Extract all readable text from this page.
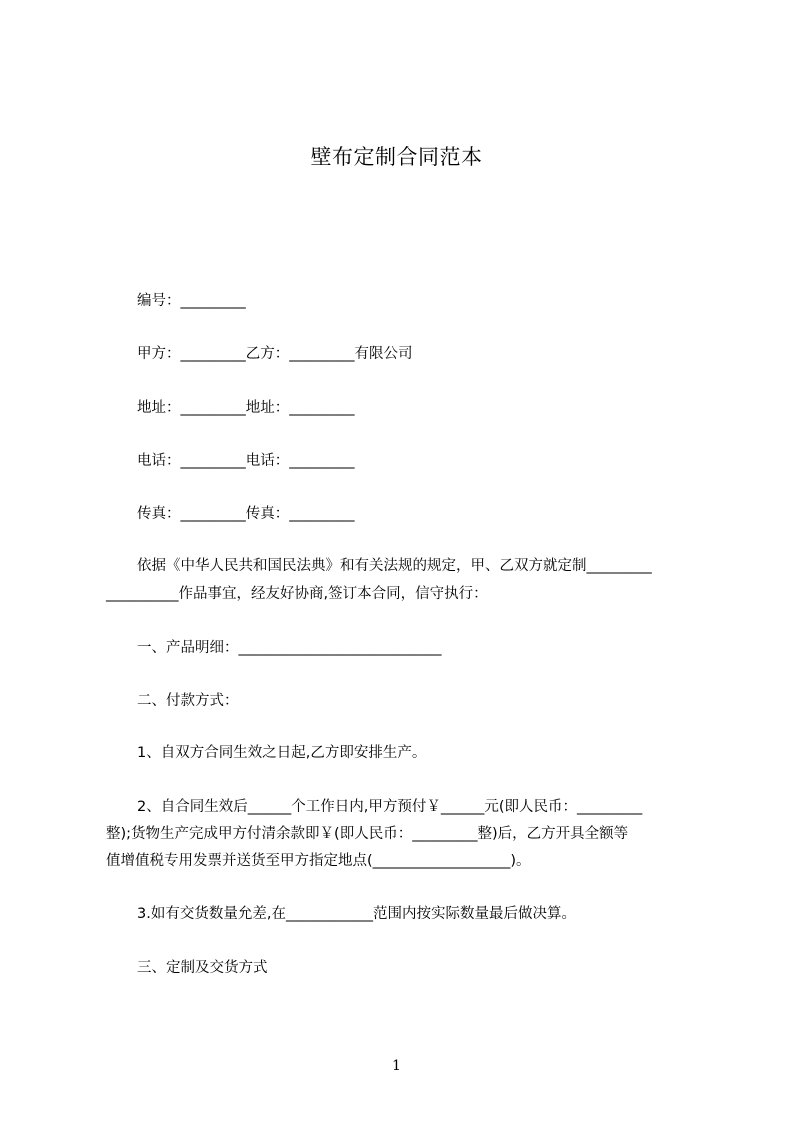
壁布定制合同范本
编号：_________
甲方：_________乙方：_________有限公司
地址：_________地址：_________
电话：_________电话：_________
传真：_________传真：_________
依据《中华人民共和国民法典》和有关法规的规定，甲、乙双方就定制_________
__________作品事宜，经友好协商,签订本合同，信守执行：
一、产品明细：____________________________
二、付款方式：
1、自双方合同生效之日起,乙方即安排生产。
2、自合同生效后______个工作日内,甲方预付￥______元(即人民币：_________
整);货物生产完成甲方付清余款即￥(即人民币：_________整)后，乙方开具全额等
值增值税专用发票并送货至甲方指定地点(___________________)。
3.如有交货数量允差,在____________范围内按实际数量最后做决算。
三、定制及交货方式
1
